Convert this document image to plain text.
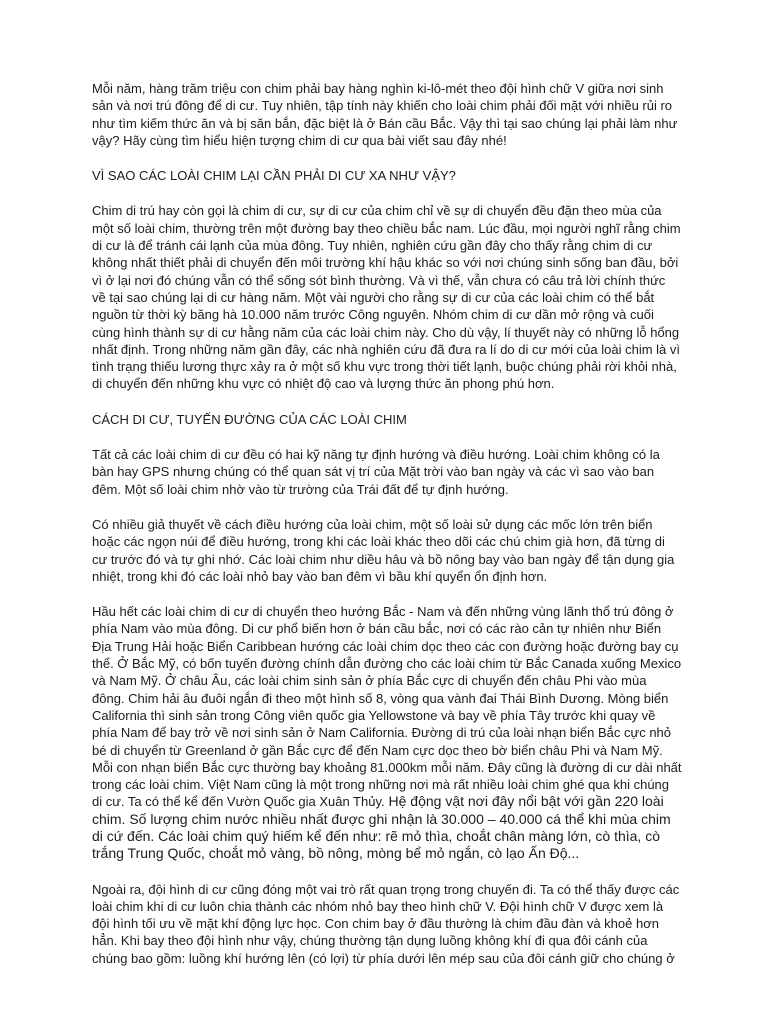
Mỗi năm, hàng trăm triệu con chim phải bay hàng nghìn ki-lô-mét theo đội hình chữ V giữa nơi sinh sản và nơi trú đông để di cư. Tuy nhiên, tập tính này khiến cho loài chim phải đối mặt với nhiều rủi ro như tìm kiếm thức ăn và bị săn bắn, đặc biệt là ở Bán cầu Bắc. Vậy thì tại sao chúng lại phải làm như vậy? Hãy cùng tìm hiểu hiện tượng chim di cư qua bài viết sau đây nhé!

VÌ SAO CÁC LOÀI CHIM LẠI CẦN PHẢI DI CƯ XA NHƯ VẬY?

Chim di trú hay còn gọi là chim di cư, sự di cư của chim chỉ về sự di chuyển đều đặn theo mùa của một số loài chim, thường trên một đường bay theo chiều bắc nam. Lúc đầu, mọi người nghĩ rằng chim di cư là để tránh cái lạnh của mùa đông. Tuy nhiên, nghiên cứu gần đây cho thấy rằng chim di cư không nhất thiết phải di chuyển đến môi trường khí hậu khác so với nơi chúng sinh sống ban đầu, bởi vì ở lại nơi đó chúng vẫn có thể sống sót bình thường. Và vì thế, vẫn chưa có câu trả lời chính thức về tại sao chúng lại di cư hàng năm. Một vài người cho rằng sự di cư của các loài chim có thể bắt nguồn từ thời kỳ băng hà 10.000 năm trước Công nguyên. Nhóm chim di cư dần mở rộng và cuối cùng hình thành sự di cư hằng năm của các loài chim này. Cho dù vậy, lí thuyết này có những lỗ hổng nhất định. Trong những năm gần đây, các nhà nghiên cứu đã đưa ra lí do di cư mới của loài chim là vì tình trạng thiếu lương thực xảy ra ở một số khu vực trong thời tiết lạnh, buộc chúng phải rời khỏi nhà, di chuyển đến những khu vực có nhiệt độ cao và lượng thức ăn phong phú hơn.

CÁCH DI CƯ, TUYẾN ĐƯỜNG CỦA CÁC LOÀI CHIM

Tất cả các loài chim di cư đều có hai kỹ năng tự định hướng và điều hướng. Loài chim không có la bàn hay GPS nhưng chúng có thể quan sát vị trí của Mặt trời vào ban ngày và các vì sao vào ban đêm. Một số loài chim nhờ vào từ trường của Trái đất để tự định hướng.

Có nhiều giả thuyết về cách điều hướng của loài chim, một số loài sử dụng các mốc lớn trên biển hoặc các ngọn núi để điều hướng, trong khi các loài khác theo dõi các chú chim già hơn, đã từng di cư trước đó và tự ghi nhớ. Các loài chim như diều hâu và bồ nông bay vào ban ngày để tận dụng gia nhiệt, trong khi đó các loài nhỏ bay vào ban đêm vì bầu khí quyển ổn định hơn.

Hầu hết các loài chim di cư di chuyển theo hướng Bắc - Nam và đến những vùng lãnh thổ trú đông ở phía Nam vào mùa đông. Di cư phổ biến hơn ở bán cầu bắc, nơi có các rào cản tự nhiên như Biển Địa Trung Hải hoặc Biển Caribbean hướng các loài chim dọc theo các con đường hoặc đường bay cụ thể. Ở Bắc Mỹ, có bốn tuyến đường chính dẫn đường cho các loài chim từ Bắc Canada xuống Mexico và Nam Mỹ. Ở châu Âu, các loài chim sinh sản ở phía Bắc cực di chuyển đến châu Phi vào mùa đông. Chim hải âu đuôi ngắn đi theo một hình số 8, vòng qua vành đai Thái Bình Dương. Mòng biển California thì sinh sản trong Công viên quốc gia Yellowstone và bay về phía Tây trước khi quay về phía Nam để bay trở về nơi sinh sản ở Nam California. Đường di trú của loài nhạn biển Bắc cực nhỏ bé di chuyển từ Greenland ở gần Bắc cực để đến Nam cực dọc theo bờ biển châu Phi và Nam Mỹ. Mỗi con nhạn biển Bắc cực thường bay khoảng 81.000km mỗi năm. Đây cũng là đường di cư dài nhất trong các loài chim. Việt Nam cũng là một trong những nơi mà rất nhiều loài chim ghé qua khi chúng di cư. Ta có thể kể đến Vườn Quốc gia Xuân Thủy. Hệ động vật nơi đây nổi bật với gần 220 loài chim. Số lượng chim nước nhiều nhất được ghi nhận là 30.000 – 40.000 cá thể khi mùa chim di cứ đến. Các loài chim quý hiếm kể đến như: rẽ mỏ thìa, choắt chân màng lớn, cò thìa, cò trắng Trung Quốc, choắt mỏ vàng, bồ nông, mòng bể mỏ ngắn, cò lạo Ấn Độ...

Ngoài ra, đội hình di cư cũng đóng một vai trò rất quan trọng trong chuyến đi. Ta có thể thấy được các loài chim khi di cư luôn chia thành các nhóm nhỏ bay theo hình chữ V. Đội hình chữ V được xem là đội hình tối ưu về mặt khí động lực học. Con chim bay ở đầu thường là chim đầu đàn và khoẻ hơn hẳn. Khi bay theo đội hình như vậy, chúng thường tận dụng luồng không khí đi qua đôi cánh của chúng bao gồm: luồng khí hướng lên (có lợi) từ phía dưới lên mép sau của đôi cánh giữ cho chúng ở
